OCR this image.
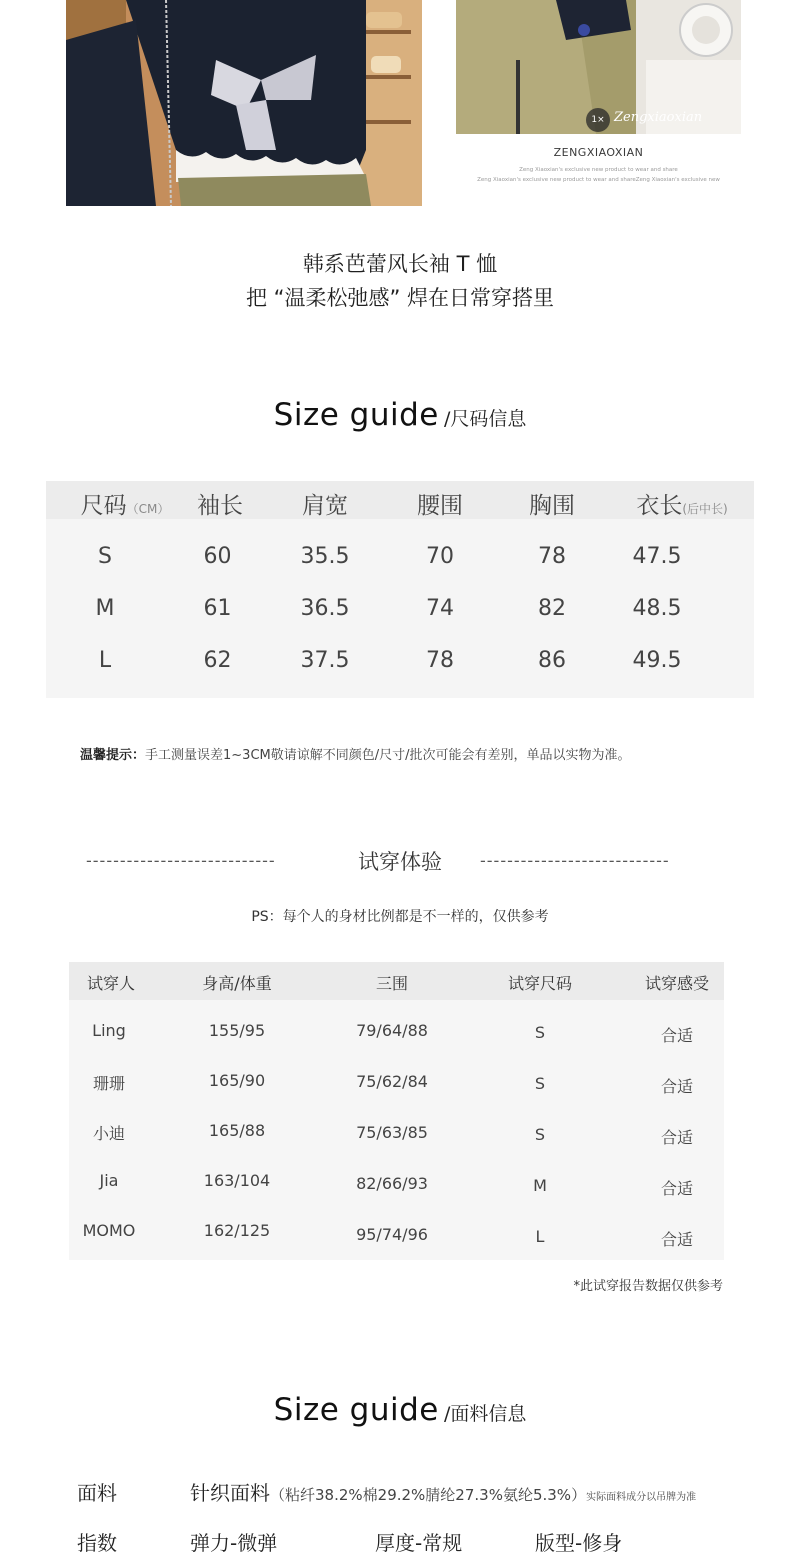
1× Zengxiaoxian
ZENGXIAOXIAN
Zeng Xiaoxian's exclusive new product to wear and share
Zeng Xiaoxian's exclusive new product to wear and shareZeng Xiaoxian's exclusive new
韩系芭蕾风长袖 T 恤
把 “温柔松弛感” 焊在日常穿搭里
Size guide /尺码信息
尺码（CM）	袖长	肩宽	腰围	胸围	衣长(后中长)
S	60	35.5	70	78	47.5
M	61	36.5	74	82	48.5
L	62	37.5	78	86	49.5
温馨提示：手工测量误差1~3CM敬请谅解不同颜色/尺寸/批次可能会有差别，单品以实物为准。
----------------------------	试穿体验	----------------------------
PS：每个人的身材比例都是不一样的，仅供参考
试穿人	身高/体重	三围	试穿尺码	试穿感受
Ling	155/95	79/64/88	S	合适
珊珊	165/90	75/62/84	S	合适
小迪	165/88	75/63/85	S	合适
Jia	163/104	82/66/93	M	合适
MOMO	162/125	95/74/96	L	合适
*此试穿报告数据仅供参考
Size guide /面料信息
面料	针织面料（粘纤38.2%棉29.2%腈纶27.3%氨纶5.3%）实际面料成分以吊牌为准
指数	弹力-微弹	厚度-常规	版型-修身
